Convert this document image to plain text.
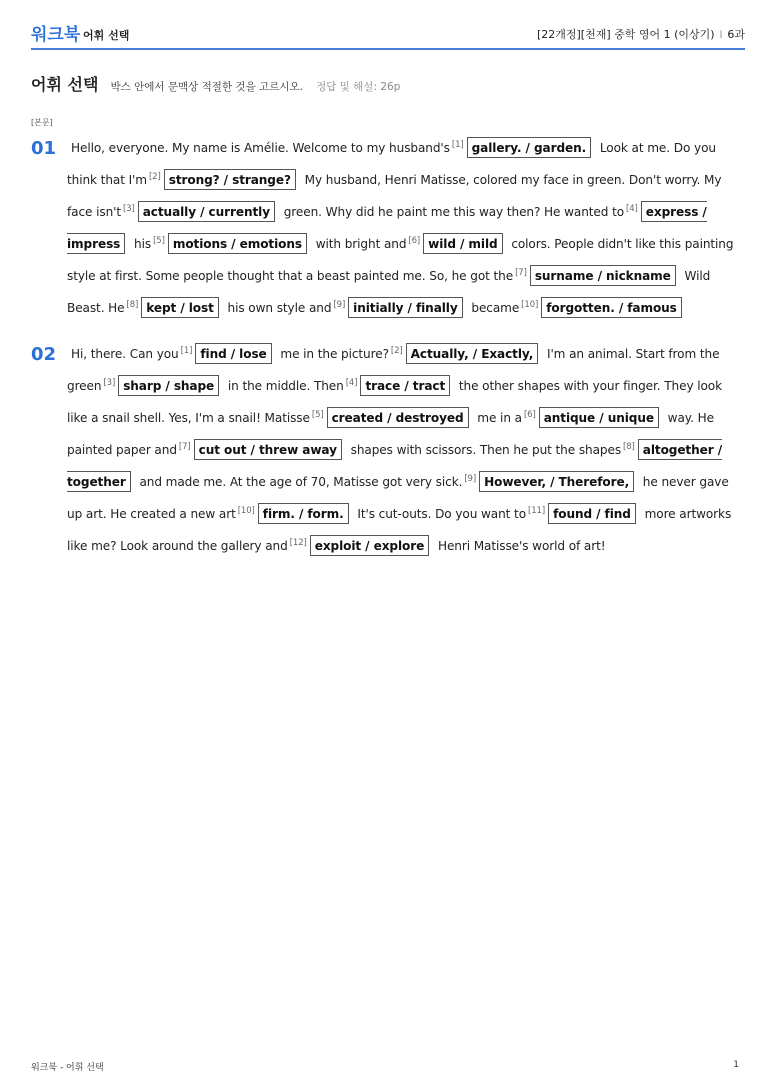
워크북 어휘 선택	[22개정][천재] 중학 영어 1 (이상기) l 6과
어휘 선택 박스 안에서 문맥상 적절한 것을 고르시오. 정답 및 해설: 26p
[본문]
01	Hello, everyone. My name is Amélie. Welcome to my husband's [1] gallery. / garden. Look at me. Do you think that I'm [2] strong? / strange? My husband, Henri Matisse, colored my face in green. Don't worry. My face isn't [3] actually / currently green. Why did he paint me this way then? He wanted to [4] express / impress his [5] motions / emotions with bright and [6] wild / mild colors. People didn't like this painting style at first. Some people thought that a beast painted me. So, he got the [7] surname / nickname Wild Beast. He [8] kept / lost his own style and [9] initially / finally became [10] forgotten. / famous
02	Hi, there. Can you [1] find / lose me in the picture? [2] Actually, / Exactly, I'm an animal. Start from the green [3] sharp / shape in the middle. Then [4] trace / tract the other shapes with your finger. They look like a snail shell. Yes, I'm a snail! Matisse [5] created / destroyed me in a [6] antique / unique way. He painted paper and [7] cut out / threw away shapes with scissors. Then he put the shapes [8] altogether / together and made me. At the age of 70, Matisse got very sick. [9] However, / Therefore, he never gave up art. He created a new art [10] firm. / form. It's cut-outs. Do you want to [11] found / find more artworks like me? Look around the gallery and [12] exploit / explore Henri Matisse's world of art!
워크북 - 어휘 선택	1
